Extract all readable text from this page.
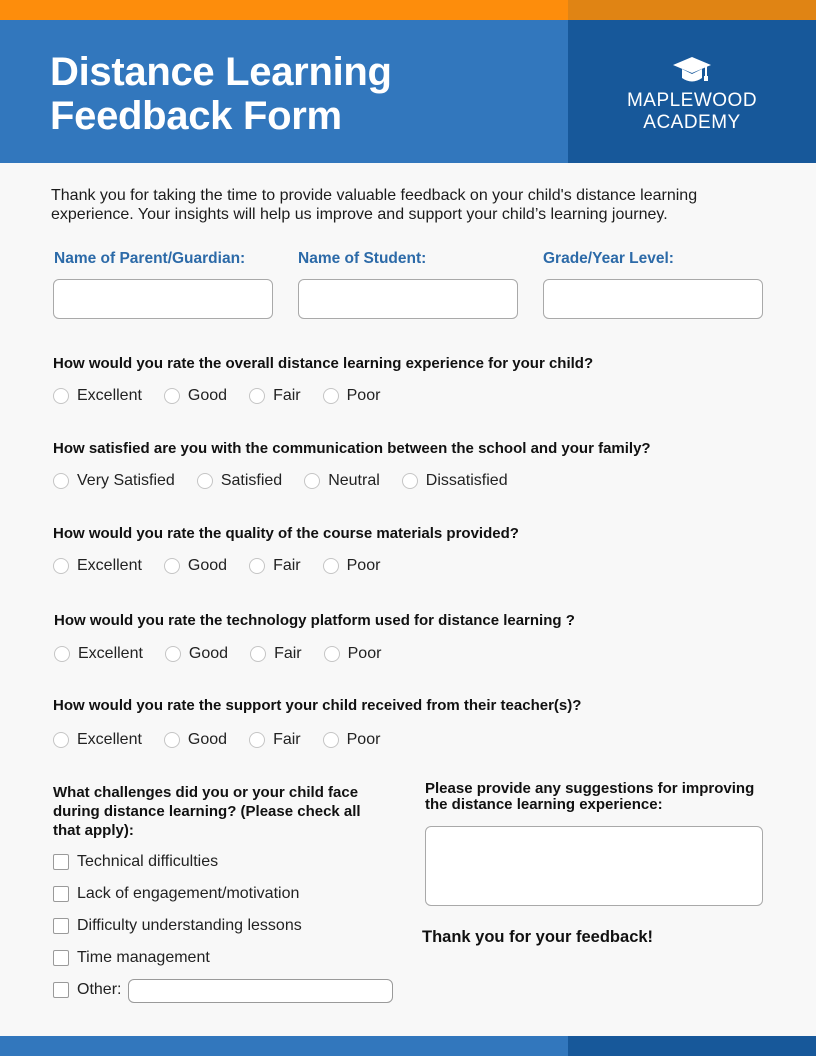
Distance Learning
Feedback Form	MAPLEWOOD
ACADEMY

Thank you for taking the time to provide valuable feedback on your child's distance learning experience. Your insights will help us improve and support your child’s learning journey.

Name of Parent/Guardian:	Name of Student:	Grade/Year Level:
How would you rate the overall distance learning experience for your child?
Excellent	Good	Fair	Poor
How satisfied are you with the communication between the school and your family?
Very Satisfied	Satisfied	Neutral	Dissatisfied
How would you rate the quality of the course materials provided?
Excellent	Good	Fair	Poor
How would you rate the technology platform used for distance learning ?
Excellent	Good	Fair	Poor
How would you rate the support your child received from their teacher(s)?
Excellent	Good	Fair	Poor
What challenges did you or your child face during distance learning? (Please check all that apply):
Technical difficulties
Lack of engagement/motivation
Difficulty understanding lessons
Time management
Other:
Please provide any suggestions for improving the distance learning experience:
Thank you for your feedback!
